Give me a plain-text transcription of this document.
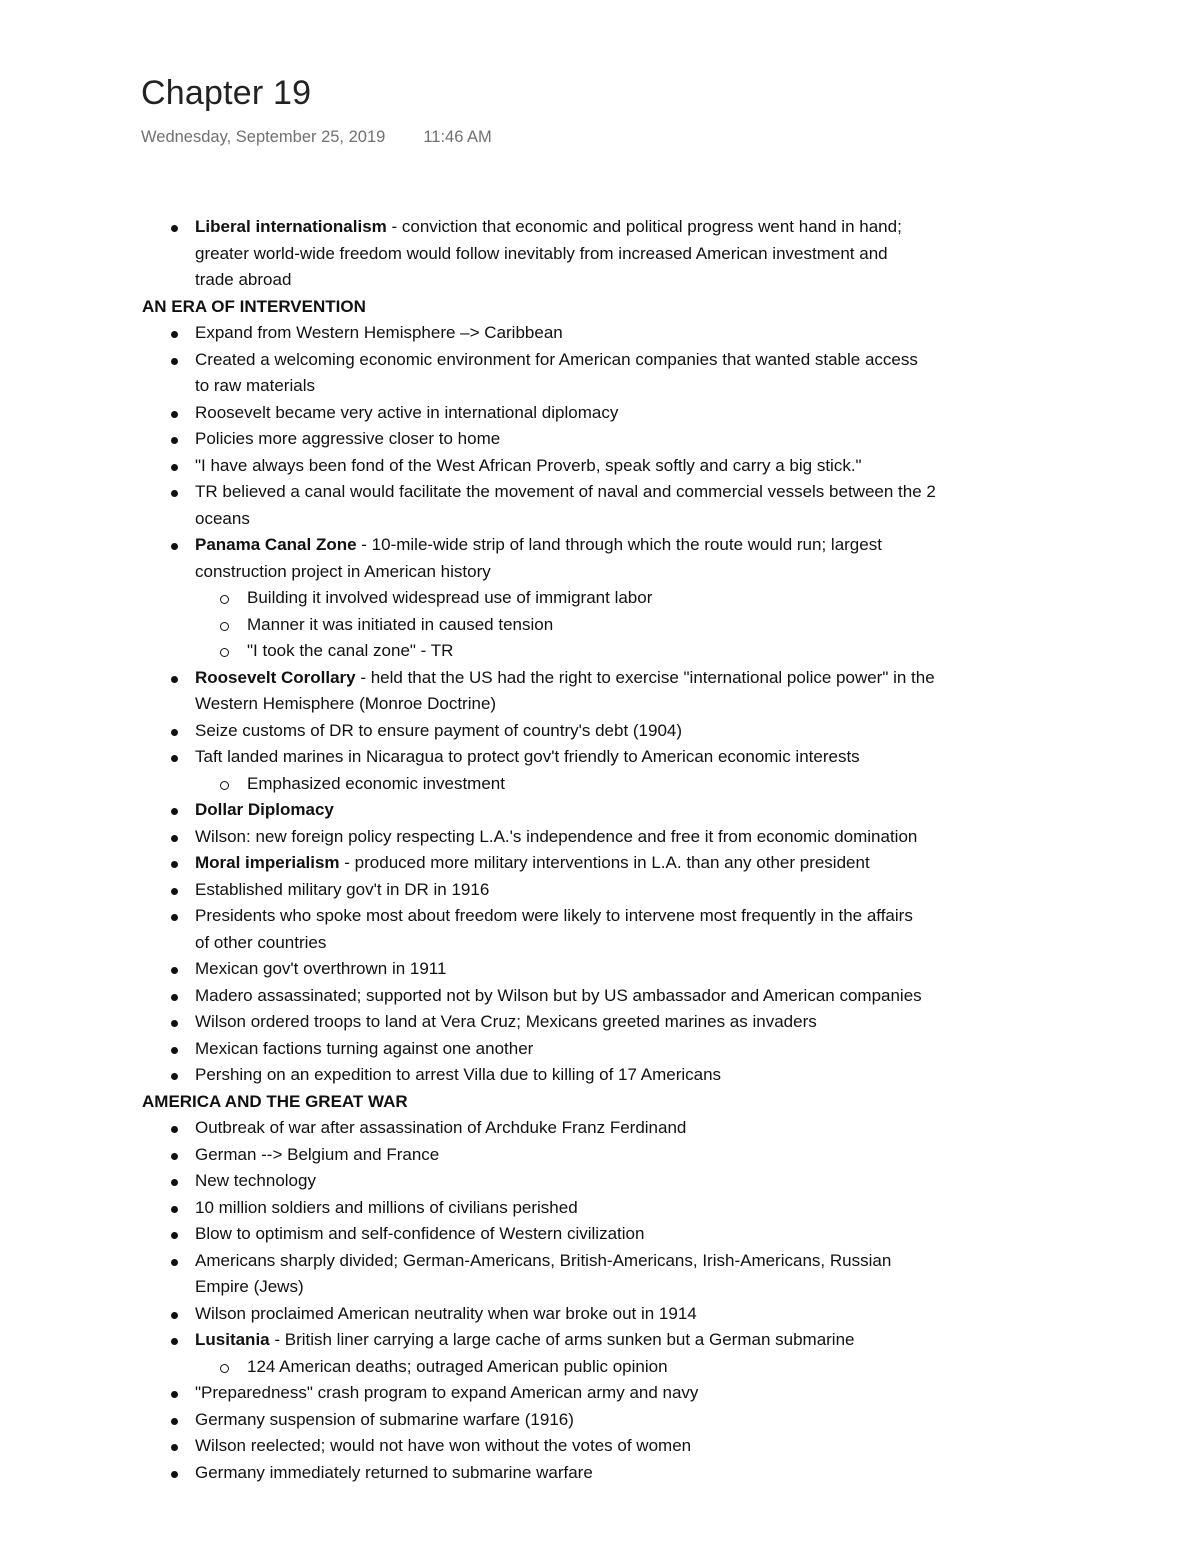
Chapter 19
Wednesday, September 25, 2019 11:46 AM
Liberal internationalism - conviction that economic and political progress went hand in hand;
greater world-wide freedom would follow inevitably from increased American investment and
trade abroad
AN ERA OF INTERVENTION
Expand from Western Hemisphere –> Caribbean
Created a welcoming economic environment for American companies that wanted stable access
to raw materials
Roosevelt became very active in international diplomacy
Policies more aggressive closer to home
"I have always been fond of the West African Proverb, speak softly and carry a big stick."
TR believed a canal would facilitate the movement of naval and commercial vessels between the 2
oceans
Panama Canal Zone - 10-mile-wide strip of land through which the route would run; largest
construction project in American history
Building it involved widespread use of immigrant labor
Manner it was initiated in caused tension
"I took the canal zone" - TR
Roosevelt Corollary - held that the US had the right to exercise "international police power" in the
Western Hemisphere (Monroe Doctrine)
Seize customs of DR to ensure payment of country's debt (1904)
Taft landed marines in Nicaragua to protect gov't friendly to American economic interests
Emphasized economic investment
Dollar Diplomacy
Wilson: new foreign policy respecting L.A.'s independence and free it from economic domination
Moral imperialism - produced more military interventions in L.A. than any other president
Established military gov't in DR in 1916
Presidents who spoke most about freedom were likely to intervene most frequently in the affairs
of other countries
Mexican gov't overthrown in 1911
Madero assassinated; supported not by Wilson but by US ambassador and American companies
Wilson ordered troops to land at Vera Cruz; Mexicans greeted marines as invaders
Mexican factions turning against one another
Pershing on an expedition to arrest Villa due to killing of 17 Americans
AMERICA AND THE GREAT WAR
Outbreak of war after assassination of Archduke Franz Ferdinand
German --> Belgium and France
New technology
10 million soldiers and millions of civilians perished
Blow to optimism and self-confidence of Western civilization
Americans sharply divided; German-Americans, British-Americans, Irish-Americans, Russian
Empire (Jews)
Wilson proclaimed American neutrality when war broke out in 1914
Lusitania - British liner carrying a large cache of arms sunken but a German submarine
124 American deaths; outraged American public opinion
"Preparedness" crash program to expand American army and navy
Germany suspension of submarine warfare (1916)
Wilson reelected; would not have won without the votes of women
Germany immediately returned to submarine warfare
